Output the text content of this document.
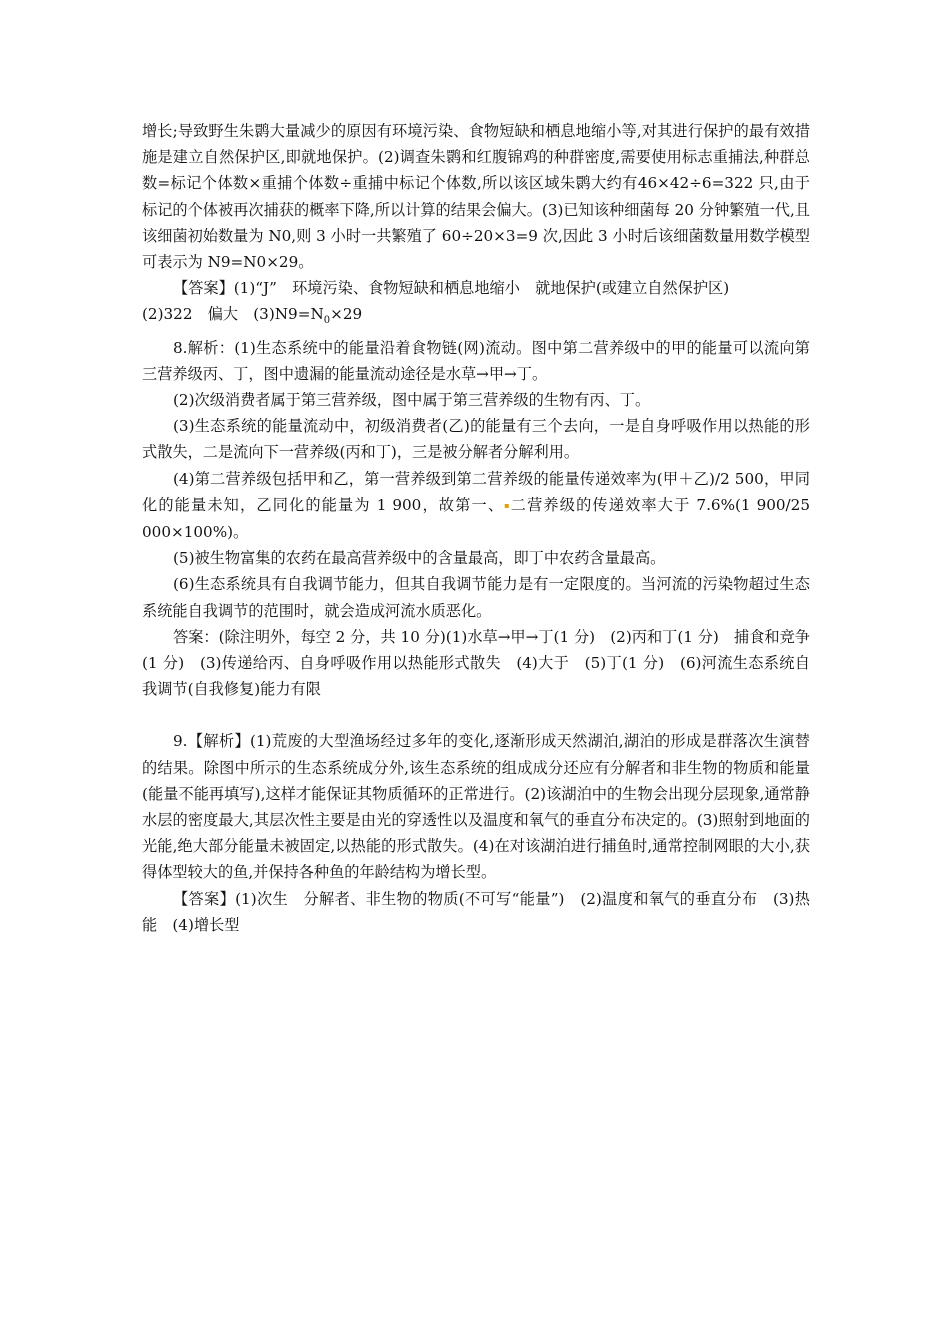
增长;导致野生朱鹮大量减少的原因有环境污染、食物短缺和栖息地缩小等,对其进行保护的最有效措施是建立自然保护区,即就地保护。(2)调查朱鹮和红腹锦鸡的种群密度,需要使用标志重捕法,种群总数=标记个体数×重捕个体数÷重捕中标记个体数,所以该区域朱鹮大约有46×42÷6=322 只,由于标记的个体被再次捕获的概率下降,所以计算的结果会偏大。(3)已知该种细菌每 20 分钟繁殖一代,且该细菌初始数量为 N0,则 3 小时一共繁殖了 60÷20×3=9 次,因此 3 小时后该细菌数量用数学模型可表示为 N9=N0×29。

【答案】(1)“J”　环境污染、食物短缺和栖息地缩小　就地保护(或建立自然保护区)

(2)322　偏大　$(3)N9=N_0\times 29$

8.解析：(1)生态系统中的能量沿着食物链(网)流动。图中第二营养级中的甲的能量可以流向第三营养级丙、丁，图中遗漏的能量流动途径是水草→甲→丁。

(2)次级消费者属于第三营养级，图中属于第三营养级的生物有丙、丁。

(3)生态系统的能量流动中，初级消费者(乙)的能量有三个去向，一是自身呼吸作用以热能的形式散失，二是流向下一营养级(丙和丁)，三是被分解者分解利用。

(4)第二营养级包括甲和乙，第一营养级到第二营养级的能量传递效率为(甲＋乙)/2 500，甲同化的能量未知，乙同化的能量为 1 900，故第一、▪二营养级的传递效率大于 7.6%(1 900/25 000×100%)。

(5)被生物富集的农药在最高营养级中的含量最高，即丁中农药含量最高。

(6)生态系统具有自我调节能力，但其自我调节能力是有一定限度的。当河流的污染物超过生态系统能自我调节的范围时，就会造成河流水质恶化。

答案：(除注明外，每空 2 分，共 10 分)(1)水草→甲→丁(1 分)　(2)丙和丁(1 分)　捕食和竞争(1 分)　(3)传递给丙、自身呼吸作用以热能形式散失　(4)大于　(5)丁(1 分)　(6)河流生态系统自我调节(自我修复)能力有限

9.【解析】(1)荒废的大型渔场经过多年的变化,逐渐形成天然湖泊,湖泊的形成是群落次生演替的结果。除图中所示的生态系统成分外,该生态系统的组成成分还应有分解者和非生物的物质和能量(能量不能再填写),这样才能保证其物质循环的正常进行。(2)该湖泊中的生物会出现分层现象,通常静水层的密度最大,其层次性主要是由光的穿透性以及温度和氧气的垂直分布决定的。(3)照射到地面的光能,绝大部分能量未被固定,以热能的形式散失。(4)在对该湖泊进行捕鱼时,通常控制网眼的大小,获得体型较大的鱼,并保持各种鱼的年龄结构为增长型。

【答案】(1)次生　分解者、非生物的物质(不可写“能量”)　(2)温度和氧气的垂直分布　(3)热能　(4)增长型
